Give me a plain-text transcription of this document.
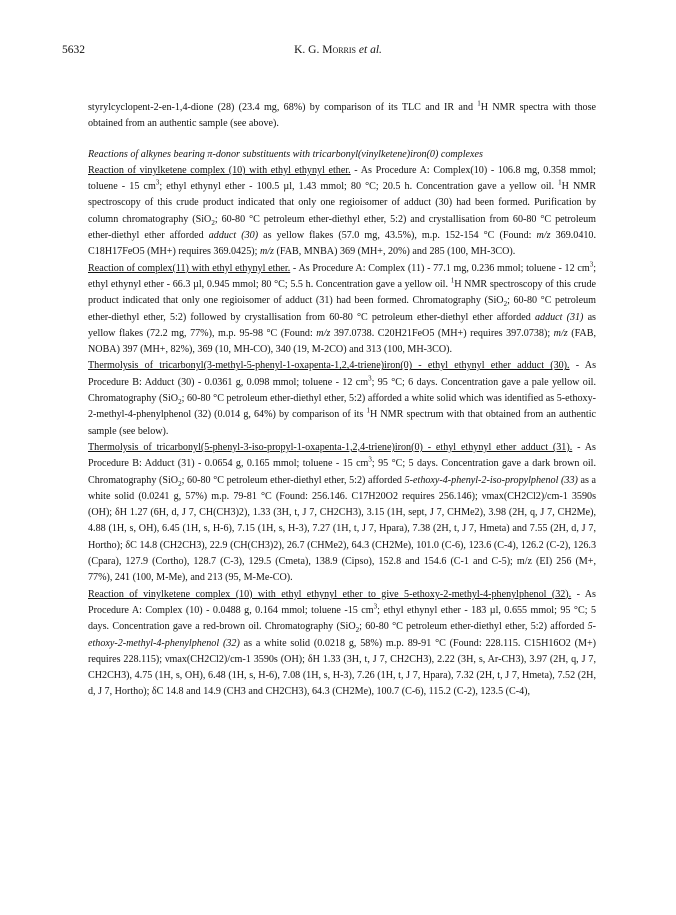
5632	K. G. Morris et al.

styrylcyclopent-2-en-1,4-dione (28) (23.4 mg, 68%) by comparison of its TLC and IR and $^1$H NMR spectra with those obtained from an authentic sample (see above).

Reactions of alkynes bearing π-donor substituents with tricarbonyl(vinylketene)iron(0) complexes

Reaction of vinylketene complex (10) with ethyl ethynyl ether. - As Procedure A: Complex(10) - 106.8 mg, 0.358 mmol; toluene - 15 $cm^3$; ethyl ethynyl ether - 100.5 µl, 1.43 mmol; 80 °C; 20.5 h. Concentration gave a yellow oil. $^1$H NMR spectroscopy of this crude product indicated that only one regioisomer of adduct (30) had been formed. Purification by column chromatography (SiO$_2$; 60-80 °C petroleum ether-diethyl ether, 5:2) and crystallisation from 60-80 °C petroleum ether-diethyl ether afforded adduct (30) as yellow flakes (57.0 mg, 43.5%), m.p. 152-154 °C (Found: m/z 369.0410. C18H17FeO5 (MH+) requires 369.0425); m/z (FAB, MNBA) 369 (MH+, 20%) and 285 (100, MH-3CO).

Reaction of complex(11) with ethyl ethynyl ether. - As Procedure A: Complex (11) - 77.1 mg, 0.236 mmol; toluene - 12 $cm^3$; ethyl ethynyl ether - 66.3 µl, 0.945 mmol; 80 °C; 5.5 h. Concentration gave a yellow oil. $^1$H NMR spectroscopy of this crude product indicated that only one regioisomer of adduct (31) had been formed. Chromatography (SiO$_2$; 60-80 °C petroleum ether-diethyl ether, 5:2) followed by crystallisation from 60-80 °C petroleum ether-diethyl ether afforded adduct (31) as yellow flakes (72.2 mg, 77%), m.p. 95-98 °C (Found: m/z 397.0738. C20H21FeO5 (MH+) requires 397.0738); m/z (FAB, NOBA) 397 (MH+, 82%), 369 (10, MH-CO), 340 (19, M-2CO) and 313 (100, MH-3CO).

Thermolysis of tricarbonyl(3-methyl-5-phenyl-1-oxapenta-1,2,4-triene)iron(0) - ethyl ethynyl ether adduct (30). - As Procedure B: Adduct (30) - 0.0361 g, 0.098 mmol; toluene - 12 $cm^3$; 95 °C; 6 days. Concentration gave a pale yellow oil. Chromatography (SiO$_2$; 60-80 °C petroleum ether-diethyl ether, 5:2) afforded a white solid which was identified as 5-ethoxy-2-methyl-4-phenylphenol (32) (0.014 g, 64%) by comparison of its $^1$H NMR spectrum with that obtained from an authentic sample (see below).

Thermolysis of tricarbonyl(5-phenyl-3-iso-propyl-1-oxapenta-1,2,4-triene)iron(0) - ethyl ethynyl ether adduct (31). - As Procedure B: Adduct (31) - 0.0654 g, 0.165 mmol; toluene - 15 $cm^3$; 95 °C; 5 days. Concentration gave a dark brown oil. Chromatography (SiO$_2$; 60-80 °C petroleum ether-diethyl ether, 5:2) afforded 5-ethoxy-4-phenyl-2-iso-propylphenol (33) as a white solid (0.0241 g, 57%) m.p. 79-81 °C (Found: 256.146. C17H20O2 requires 256.146); νmax(CH2Cl2)/cm-1 3590s (OH); δH 1.27 (6H, d, J 7, CH(CH3)2), 1.33 (3H, t, J 7, CH2CH3), 3.15 (1H, sept, J 7, CHMe2), 3.98 (2H, q, J 7, CH2Me), 4.88 (1H, s, OH), 6.45 (1H, s, H-6), 7.15 (1H, s, H-3), 7.27 (1H, t, J 7, Hpara), 7.38 (2H, t, J 7, Hmeta) and 7.55 (2H, d, J 7, Hortho); δC 14.8 (CH2CH3), 22.9 (CH(CH3)2), 26.7 (CHMe2), 64.3 (CH2Me), 101.0 (C-6), 123.6 (C-4), 126.2 (C-2), 126.3 (Cpara), 127.9 (Cortho), 128.7 (C-3), 129.5 (Cmeta), 138.9 (Cipso), 152.8 and 154.6 (C-1 and C-5); m/z (EI) 256 (M+, 77%), 241 (100, M-Me), and 213 (95, M-Me-CO).

Reaction of vinylketene complex (10) with ethyl ethynyl ether to give 5-ethoxy-2-methyl-4-phenylphenol (32). - As Procedure A: Complex (10) - 0.0488 g, 0.164 mmol; toluene -15 $cm^3$; ethyl ethynyl ether - 183 µl, 0.655 mmol; 95 °C; 5 days. Concentration gave a red-brown oil. Chromatography (SiO$_2$; 60-80 °C petroleum ether-diethyl ether, 5:2) afforded 5-ethoxy-2-methyl-4-phenylphenol (32) as a white solid (0.0218 g, 58%) m.p. 89-91 °C (Found: 228.115. C15H16O2 (M+) requires 228.115); νmax(CH2Cl2)/cm-1 3590s (OH); δH 1.33 (3H, t, J 7, CH2CH3), 2.22 (3H, s, Ar-CH3), 3.97 (2H, q, J 7, CH2CH3), 4.75 (1H, s, OH), 6.48 (1H, s, H-6), 7.08 (1H, s, H-3), 7.26 (1H, t, J 7, Hpara), 7.32 (2H, t, J 7, Hmeta), 7.52 (2H, d, J 7, Hortho); δC 14.8 and 14.9 (CH3 and CH2CH3), 64.3 (CH2Me), 100.7 (C-6), 115.2 (C-2), 123.5 (C-4),
